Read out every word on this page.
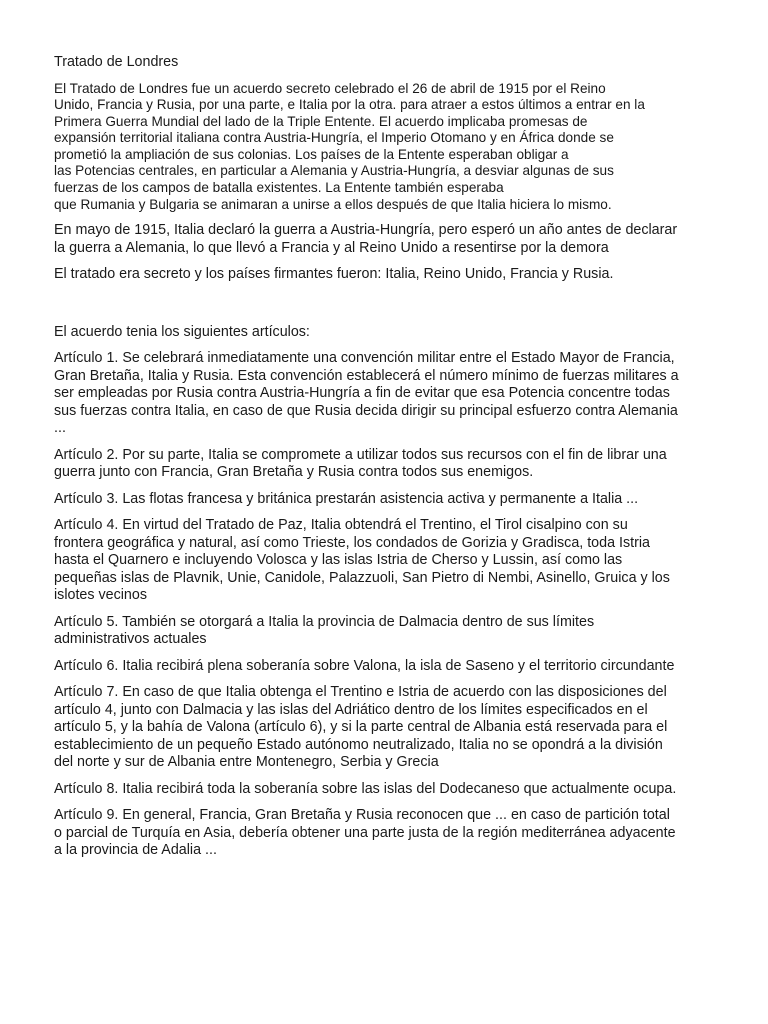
Tratado de Londres

El Tratado de Londres fue un acuerdo secreto celebrado el 26 de abril de 1915 por el Reino
Unido, Francia y Rusia, por una parte, e Italia por la otra. para atraer a estos últimos a entrar en la
Primera Guerra Mundial del lado de la Triple Entente. El acuerdo implicaba promesas de
expansión territorial italiana contra Austria-Hungría, el Imperio Otomano y en África donde se
prometió la ampliación de sus colonias. Los países de la Entente esperaban obligar a
las Potencias centrales, en particular a Alemania y Austria-Hungría, a desviar algunas de sus
fuerzas de los campos de batalla existentes. La Entente también esperaba
que Rumania y Bulgaria se animaran a unirse a ellos después de que Italia hiciera lo mismo.

En mayo de 1915, Italia declaró la guerra a Austria-Hungría, pero esperó un año antes de declarar
la guerra a Alemania, lo que llevó a Francia y al Reino Unido a resentirse por la demora

El tratado era secreto y los países firmantes fueron: Italia, Reino Unido, Francia y Rusia.

El acuerdo tenia los siguientes artículos:

Artículo 1. Se celebrará inmediatamente una convención militar entre el Estado Mayor de Francia,
Gran Bretaña, Italia y Rusia. Esta convención establecerá el número mínimo de fuerzas militares a
ser empleadas por Rusia contra Austria-Hungría a fin de evitar que esa Potencia concentre todas
sus fuerzas contra Italia, en caso de que Rusia decida dirigir su principal esfuerzo contra Alemania
...

Artículo 2. Por su parte, Italia se compromete a utilizar todos sus recursos con el fin de librar una
guerra junto con Francia, Gran Bretaña y Rusia contra todos sus enemigos.

Artículo 3. Las flotas francesa y británica prestarán asistencia activa y permanente a Italia ...

Artículo 4. En virtud del Tratado de Paz, Italia obtendrá el Trentino, el Tirol cisalpino con su
frontera geográfica y natural, así como Trieste, los condados de Gorizia y Gradisca, toda Istria
hasta el Quarnero e incluyendo Volosca y las islas Istria de Cherso y Lussin, así como las
pequeñas islas de Plavnik, Unie, Canidole, Palazzuoli, San Pietro di Nembi, Asinello, Gruica y los
islotes vecinos

Artículo 5. También se otorgará a Italia la provincia de Dalmacia dentro de sus límites
administrativos actuales

Artículo 6. Italia recibirá plena soberanía sobre Valona, la isla de Saseno y el territorio circundante

Artículo 7. En caso de que Italia obtenga el Trentino e Istria de acuerdo con las disposiciones del
artículo 4, junto con Dalmacia y las islas del Adriático dentro de los límites especificados en el
artículo 5, y la bahía de Valona (artículo 6), y si la parte central de Albania está reservada para el
establecimiento de un pequeño Estado autónomo neutralizado, Italia no se opondrá a la división
del norte y sur de Albania entre Montenegro, Serbia y Grecia

Artículo 8. Italia recibirá toda la soberanía sobre las islas del Dodecaneso que actualmente ocupa.

Artículo 9. En general, Francia, Gran Bretaña y Rusia reconocen que ... en caso de partición total
o parcial de Turquía en Asia, debería obtener una parte justa de la región mediterránea adyacente
a la provincia de Adalia ...
